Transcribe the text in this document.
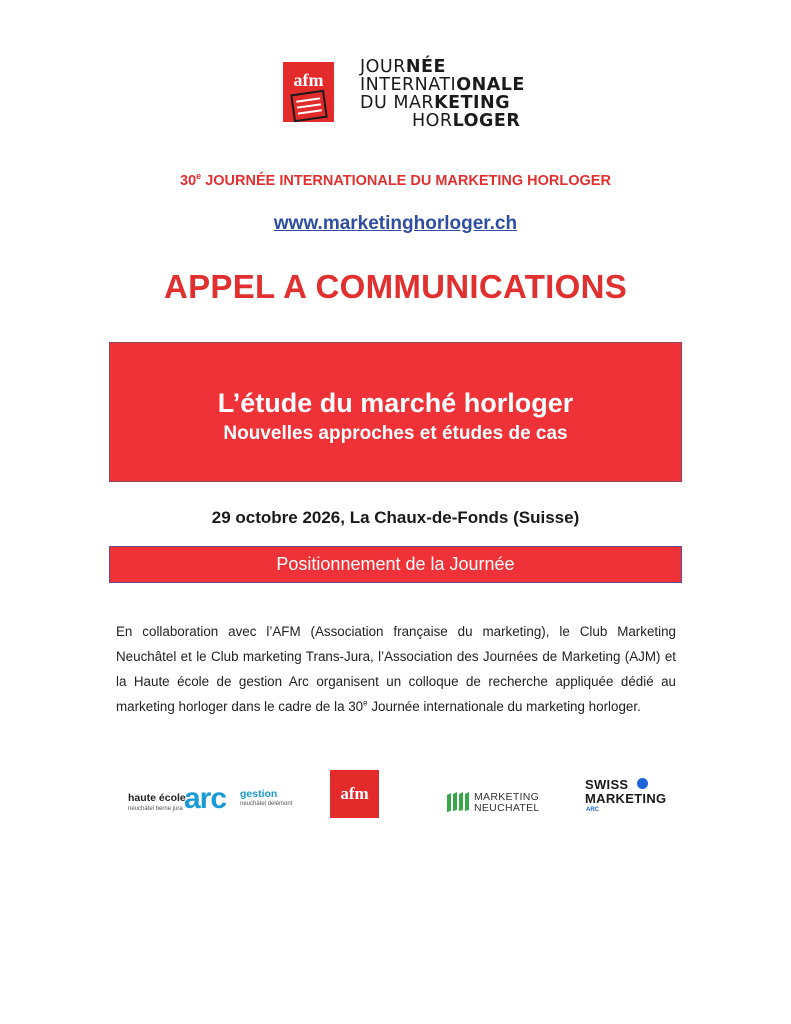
afm
JOURNÉE
INTERNATIONALE
DU MARKETING
HORLOGER
30e JOURNÉE INTERNATIONALE DU MARKETING HORLOGER
www.marketinghorloger.ch
APPEL A COMMUNICATIONS
L’étude du marché horloger
Nouvelles approches et études de cas
29 octobre 2026, La Chaux-de-Fonds (Suisse)
Positionnement de la Journée
En collaboration avec l’AFM (Association française du marketing), le Club Marketing Neuchâtel et le Club marketing Trans-Jura, l’Association des Journées de Marketing (AJM) et la Haute école de gestion Arc organisent un colloque de recherche appliquée dédié au marketing horloger dans le cadre de la 30e Journée internationale du marketing horloger.
haute école
neuchâtel berne jura arc gestion
neuchâtel delémont
afm	MARKETING
NEUCHATEL
SWISS
MARKETING
ARC
